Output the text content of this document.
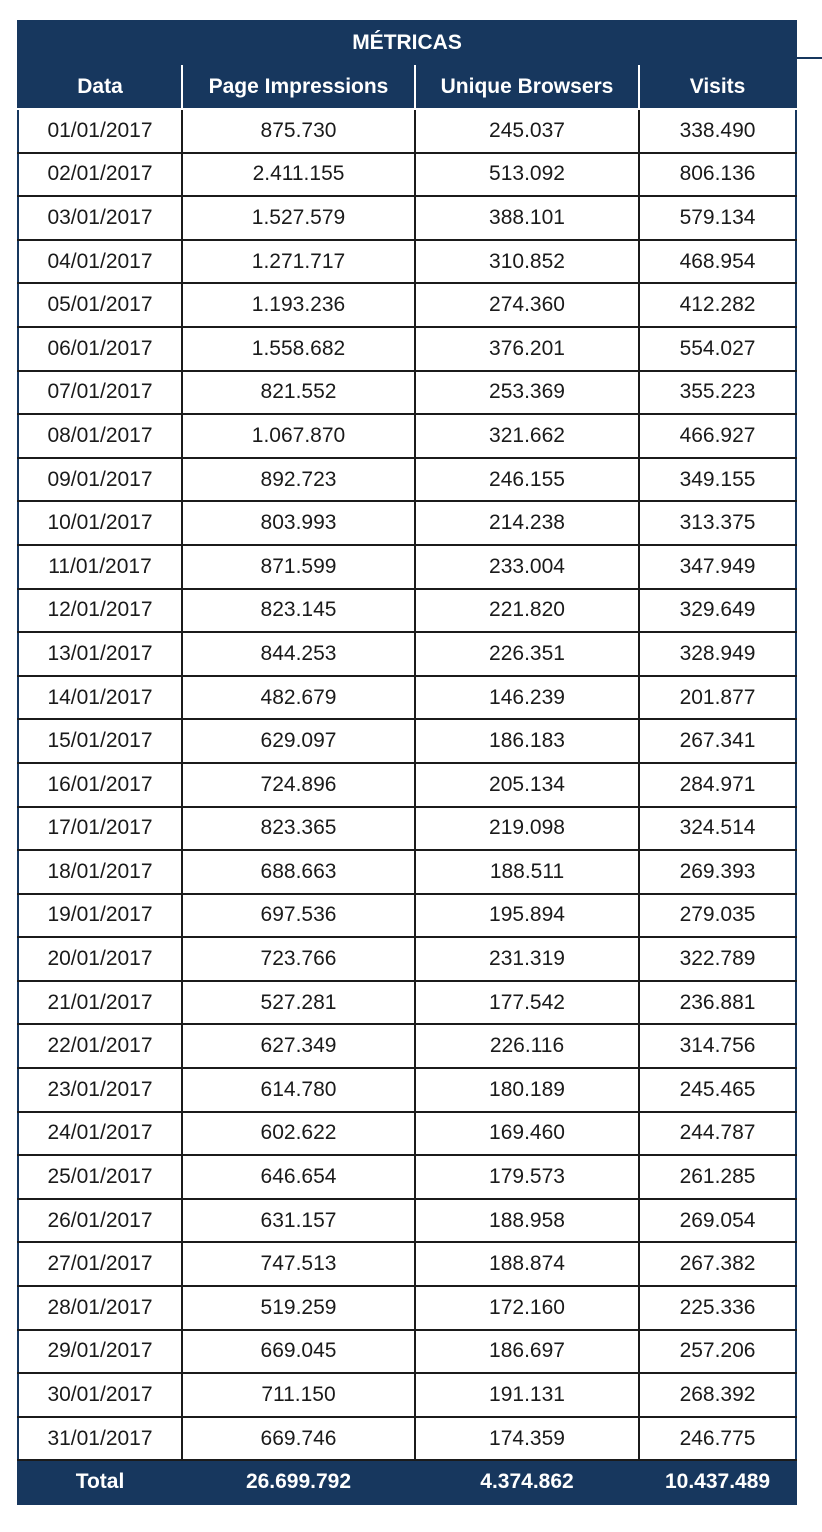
MÉTRICAS			
Data	Page Impressions	Unique Browsers	Visits
01/01/2017	875.730	245.037	338.490
02/01/2017	2.411.155	513.092	806.136
03/01/2017	1.527.579	388.101	579.134
04/01/2017	1.271.717	310.852	468.954
05/01/2017	1.193.236	274.360	412.282
06/01/2017	1.558.682	376.201	554.027
07/01/2017	821.552	253.369	355.223
08/01/2017	1.067.870	321.662	466.927
09/01/2017	892.723	246.155	349.155
10/01/2017	803.993	214.238	313.375
11/01/2017	871.599	233.004	347.949
12/01/2017	823.145	221.820	329.649
13/01/2017	844.253	226.351	328.949
14/01/2017	482.679	146.239	201.877
15/01/2017	629.097	186.183	267.341
16/01/2017	724.896	205.134	284.971
17/01/2017	823.365	219.098	324.514
18/01/2017	688.663	188.511	269.393
19/01/2017	697.536	195.894	279.035
20/01/2017	723.766	231.319	322.789
21/01/2017	527.281	177.542	236.881
22/01/2017	627.349	226.116	314.756
23/01/2017	614.780	180.189	245.465
24/01/2017	602.622	169.460	244.787
25/01/2017	646.654	179.573	261.285
26/01/2017	631.157	188.958	269.054
27/01/2017	747.513	188.874	267.382
28/01/2017	519.259	172.160	225.336
29/01/2017	669.045	186.697	257.206
30/01/2017	711.150	191.131	268.392
31/01/2017	669.746	174.359	246.775
Total	26.699.792	4.374.862	10.437.489
